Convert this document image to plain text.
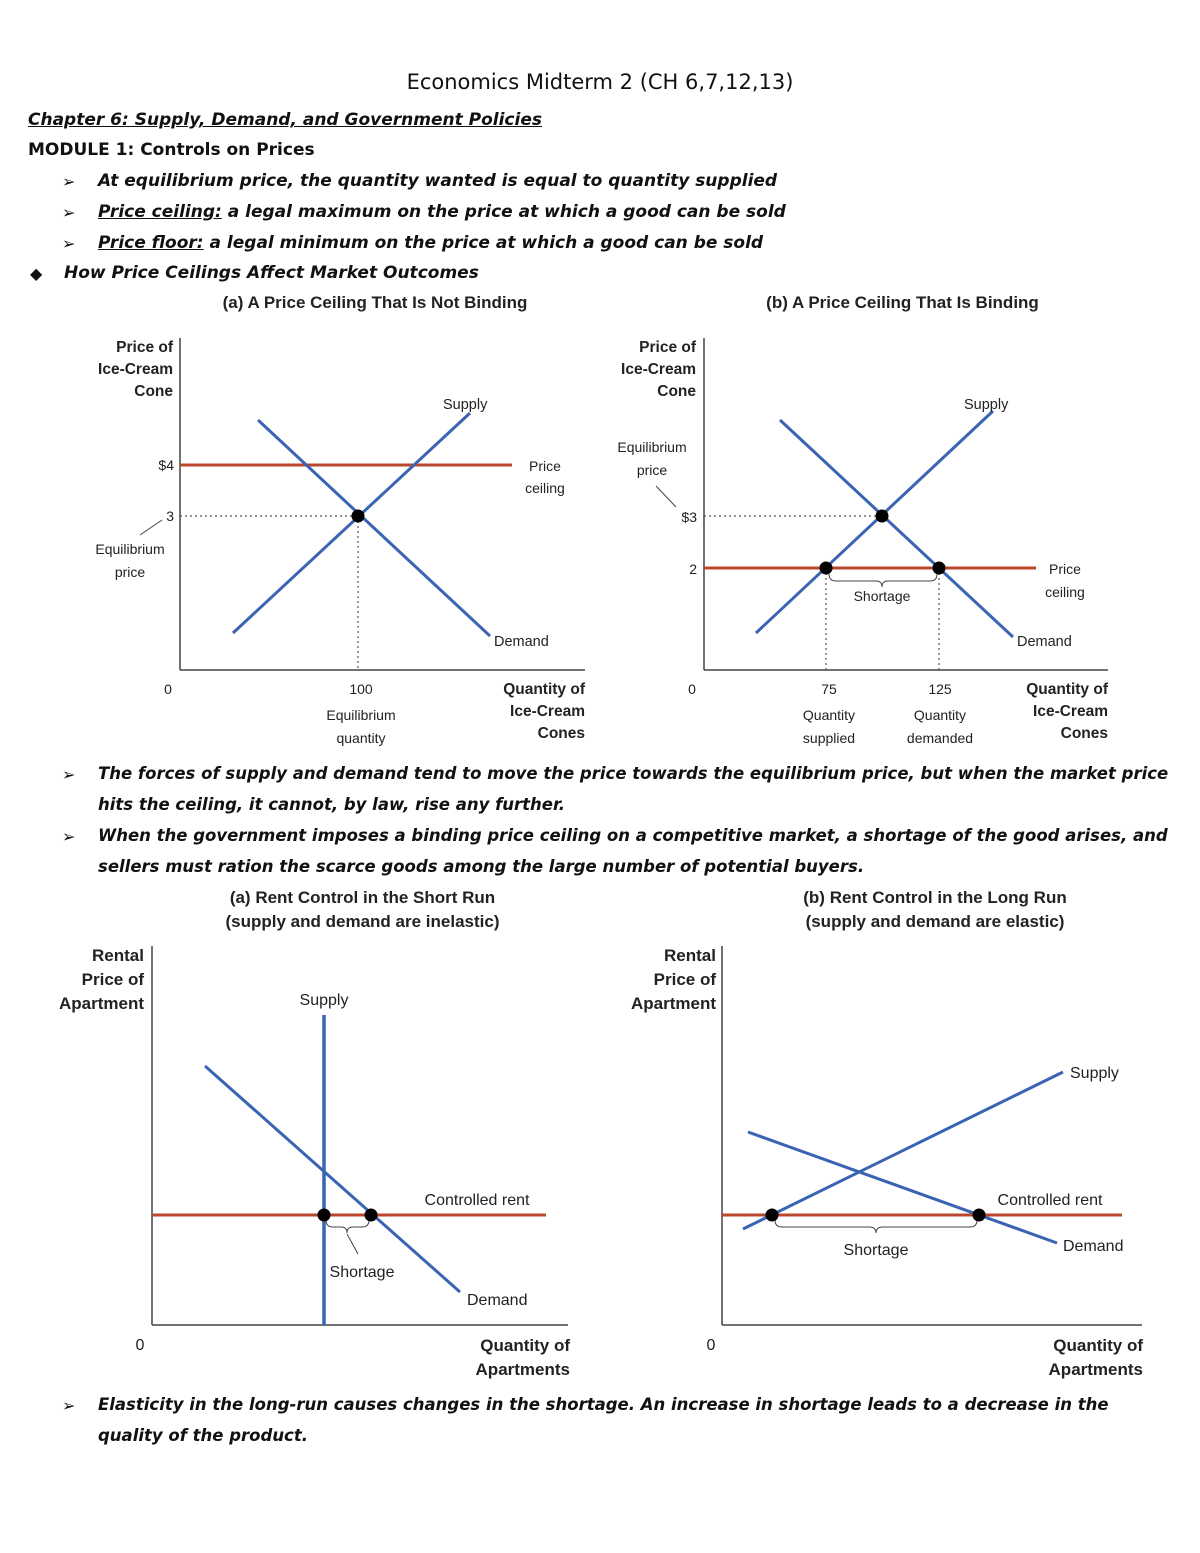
Economics Midterm 2 (CH 6,7,12,13)
Chapter 6: Supply, Demand, and Government Policies
MODULE 1: Controls on Prices
➢ At equilibrium price, the quantity wanted is equal to quantity supplied
➢ Price ceiling: a legal maximum on the price at which a good can be sold
➢ Price floor: a legal minimum on the price at which a good can be sold
◆ How Price Ceilings Affect Market Outcomes
(a) A Price Ceiling That Is Not Binding	(b) A Price Ceiling That Is Binding
➢ The forces of supply and demand tend to move the price towards the equilibrium price, but when the market price hits the ceiling, it cannot, by law, rise any further.
➢ When the government imposes a binding price ceiling on a competitive market, a shortage of the good arises, and sellers must ration the scarce goods among the large number of potential buyers.
(a) Rent Control in the Short Run
(supply and demand are inelastic)
(b) Rent Control in the Long Run
(supply and demand are elastic)
➢ Elasticity in the long-run causes changes in the shortage. An increase in shortage leads to a decrease in the quality of the product.
Price of
Ice-Cream
Cone
Price
ceiling
$4
3
Equilibrium
price
Supply
Demand
0	100
Equilibrium
quantity
Quantity of
Ice-Cream
Cones
Price of
Ice-Cream
Cone
Equilibrium
price
$3
2	Price
ceiling
Supply
Demand
Shortage
0	75	125
Quantity
supplied
Quantity
demanded
Quantity of
Ice-Cream
Cones
Rental
Price of
Apartment
Controlled rent
Supply
Demand
Shortage
0	Quantity of
Apartments
Rental
Price of
Apartment
Controlled rent
Supply
Demand
Shortage
0	Quantity of
Apartments
